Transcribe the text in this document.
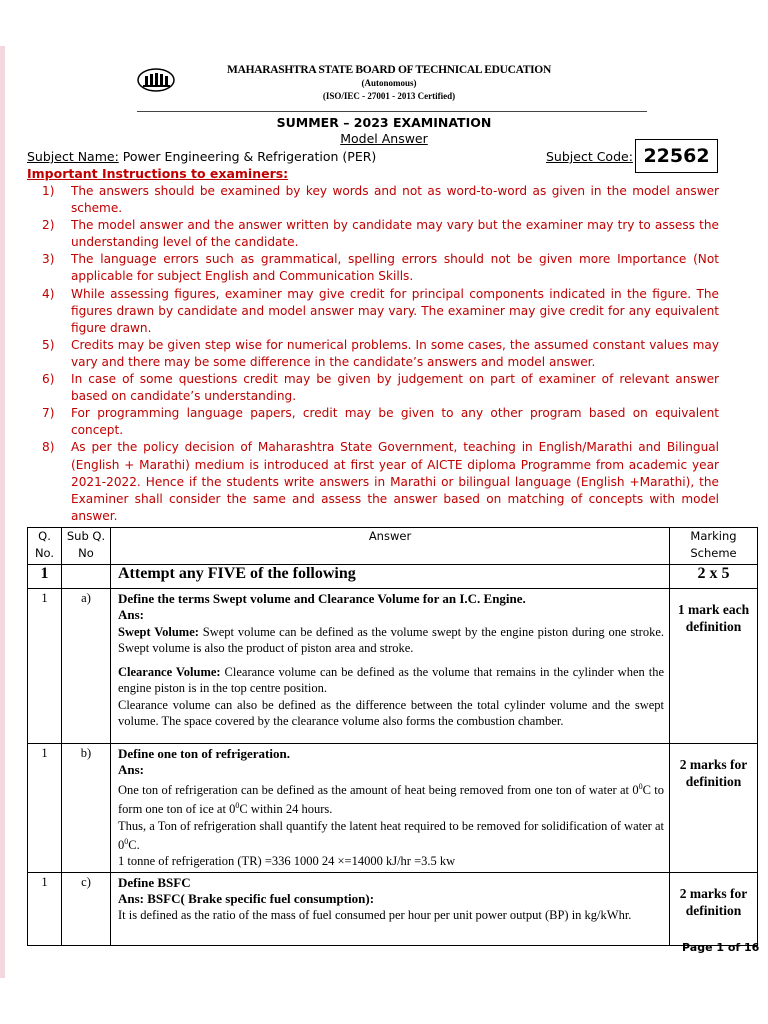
MAHARASHTRA STATE BOARD OF TECHNICAL EDUCATION
(Autonomous)
(ISO/IEC - 27001 - 2013 Certified)
SUMMER – 2023 EXAMINATION
Model Answer
Subject Name: Power Engineering & Refrigeration (PER)	Subject Code: 22562
Important Instructions to examiners:
1)	The answers should be examined by key words and not as word-to-word as given in the model answer scheme.
2)	The model answer and the answer written by candidate may vary but the examiner may try to assess the understanding level of the candidate.
3)	The language errors such as grammatical, spelling errors should not be given more Importance (Not applicable for subject English and Communication Skills.
4)	While assessing figures, examiner may give credit for principal components indicated in the figure. The figures drawn by candidate and model answer may vary. The examiner may give credit for any equivalent figure drawn.
5)	Credits may be given step wise for numerical problems. In some cases, the assumed constant values may vary and there may be some difference in the candidate’s answers and model answer.
6)	In case of some questions credit may be given by judgement on part of examiner of relevant answer based on candidate’s understanding.
7)	For programming language papers, credit may be given to any other program based on equivalent concept.
8)	As per the policy decision of Maharashtra State Government, teaching in English/Marathi and Bilingual (English + Marathi) medium is introduced at first year of AICTE diploma Programme from academic year 2021-2022. Hence if the students write answers in Marathi or bilingual language (English +Marathi), the Examiner shall consider the same and assess the answer based on matching of concepts with model answer.
Q. No.	Sub Q. No	Answer	Marking Scheme
1		Attempt any FIVE of the following	2 x 5
1	a)	Define the terms Swept volume and Clearance Volume for an I.C. Engine.
Ans:
Swept Volume: Swept volume can be defined as the volume swept by the engine piston during one stroke. Swept volume is also the product of piston area and stroke.
Clearance Volume: Clearance volume can be defined as the volume that remains in the cylinder when the engine piston is in the top centre position.
Clearance volume can also be defined as the difference between the total cylinder volume and the swept volume. The space covered by the clearance volume also forms the combustion chamber.	1 mark each definition
1	b)	Define one ton of refrigeration.
Ans:
One ton of refrigeration can be defined as the amount of heat being removed from one ton of water at $0^0C$ to form one ton of ice at $0^0C$ within 24 hours.
Thus, a Ton of refrigeration shall quantify the latent heat required to be removed for solidification of water at $0^0C$.
1 tonne of refrigeration (TR) =336 1000 24 ×=14000 kJ/hr =3.5 kw	2 marks for definition
1	c)	Define BSFC
Ans: BSFC( Brake specific fuel consumption):
It is defined as the ratio of the mass of fuel consumed per hour per unit power output (BP) in kg/kWhr.	2 marks for definition
Page 1 of 16
